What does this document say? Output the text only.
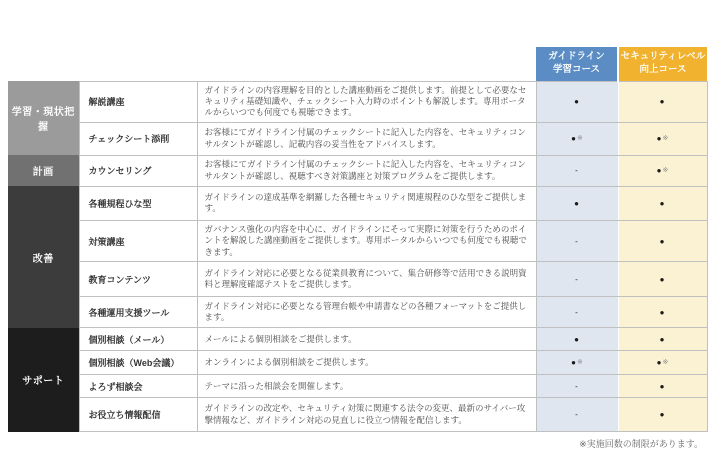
			ガイドライン
学習コース	セキュリティレベル
向上コース

学習・現状把握	解説講座	ガイドラインの内容理解を目的とした講座動画をご提供します。前提として必要なセキュリティ基礎知識や、チェックシート入力時のポイントも解説します。専用ポータルからいつでも何度でも視聴できます。	●	●
	チェックシート添削	お客様にてガイドライン付属のチェックシートに記入した内容を、セキュリティコンサルタントが確認し、記載内容の妥当性をアドバイスします。	●※	●※
計画	カウンセリング	お客様にてガイドライン付属のチェックシートに記入した内容を、セキュリティコンサルタントが確認し、視聴すべき対策講座と対策プログラムをご提供します。	-	●※
改善	各種規程ひな型	ガイドラインの達成基準を網羅した各種セキュリティ関連規程のひな型をご提供します。	●	●
	対策講座	ガバナンス強化の内容を中心に、ガイドラインにそって実際に対策を行うためのポイントを解説した講座動画をご提供します。専用ポータルからいつでも何度でも視聴できます。	-	●
	教育コンテンツ	ガイドライン対応に必要となる従業員教育について、集合研修等で活用できる説明資料と理解度確認テストをご提供します。	-	●
	各種運用支援ツール	ガイドライン対応に必要となる管理台帳や申請書などの各種フォーマットをご提供します。	-	●
サポート	個別相談（メール）	メールによる個別相談をご提供します。	●	●
	個別相談（Web会議）	オンラインによる個別相談をご提供します。	●※	●※
	よろず相談会	テーマに沿った相談会を開催します。	-	●
	お役立ち情報配信	ガイドラインの改定や、セキュリティ対策に関連する法令の変更、最新のサイバー攻撃情報など、ガイドライン対応の見直しに役立つ情報を配信します。	-	●
※実施回数の制限があります。
